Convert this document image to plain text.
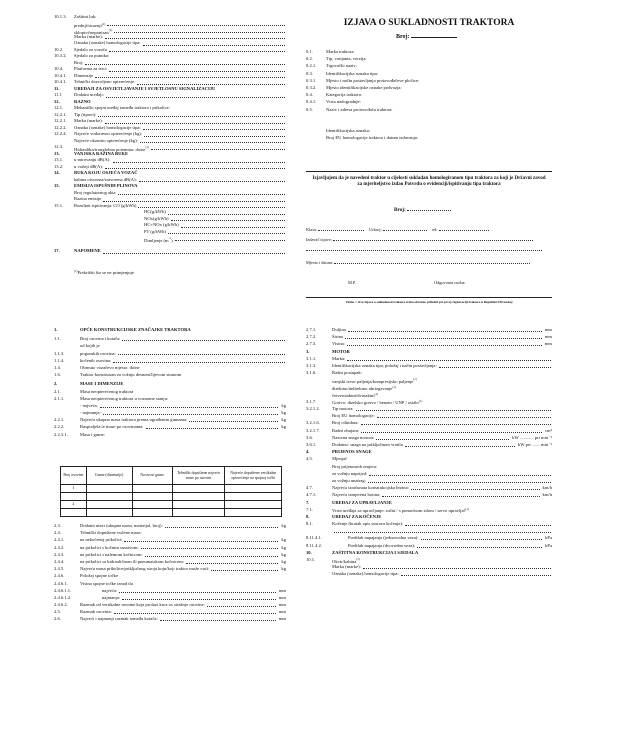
10.1.3. Zaštitni luk:
prednji/straznji$^{(1)}$
sklopivi/neponisan$^{(1)}$
Marka (marke):
Oznaka (oznake) homologacije tipa:
10.2. Sjedalo za vozača
10.3.2. Sjedalo za putnika:
Broj:
10.4. Platforma za terci
10.4.1. Dimenzije
10.4.1. Tehnički dozvoljeno opterećenje:
11.	UREĐAJI ZA OSVJETLJAVANJE I SVJETLOSNU SIGNALIZACIJU
11.1	Dodatni uređaji:
12.	RAZNO
12.1. Mehanički spojni uređaj između traktora i prikolice:
12.2.1. Tip (tipovi):
12.2.1. Marka (marke):
12.2.2. Oznaka (oznake) homologacije tipa:
12.2.4. Najveće vodoravno opterećenje (kg):
Najveće okomito opterećenje (kg):
12.3.
Hidraulika/tronglobna potemnia: $da/ne^{(1)}$
13.	VANJSKA RAZINA BUKE
13.1. u mirovanju dB(A):
13.2. u vožnji dB(A):
14.	BUKA KOJU OSJEĆA VOZAČ
kabina otvorena/zatvorena dB(A):
15.	EMISIJA ISPUŠNIH PLINOVA
Broj regulatornog akta
Razina emisije
15.1. Rezultati ispitivanja: CO (g/kWh)
HC(g/kWh)
NOx(g/kWh)
HC+NOx (g/kWh)
PT (g/kWh)
Dimljenje $(m^{-1})$
17.	NAPOMENE
$^{(1)}$Prekrižiti što se ne primjenjuje
IZJAVA O SUKLADNOSTI TRAKTORA
Broj:
0.1.	Marka traktora:
0.2.	Tip, varijanta, verzija:
0.2.1. Trgovački naziv:
0.3.	Identifikacijska oznaka tipa:
0.3.1. Mjesto i način postavljanja proizvođačeve pločice:
0.3.2. Mjesto identifikacijske oznake podvozja:
0.4.	Kategorija traktora:
0.4.1. Vrsta nadogradnje:
0.5.	Naziv i adresa proizvođača traktora:
Identifikacijska oznaka:
Broj EU homologacije traktora i datum izdavanja:
Izjavljujem da je navedeni traktor u cijelosti sukladan homologiranom tipu traktora za koji je Državni zavod za mjeriteljstvo izdao Potvrdu o evidenciji/ispitivanju tipa traktora
Broj:
Klasa:	Urbroj:	od:
Izdavač izjave:
Mjesto i datum:
M.P.	Odgovorna osoba:
Važno = Ova Izjava o sukladnosti traktora treba obvezno priložiti pri prvoj registraciji traktora u Republici Hrvatskoj
1.	OPĆE KONSTRUKCIJSKE ZNAČAJKE TRAKTORA
1.1.	Broj osovina i kotača:
od kojih je
1.1.3.	pogonskih osovina:
1.1.4.	kočenih osovina:
1.4.	Obrnuto vozačevo mjesto: da/ne
1.6.	Traktor konstruiran za vožnju desnom/lijevom stranom
2.	MASE I DIMENZIJE
2.1.	Masa neopterećenog traktora
2.1.1.	Masa neopterećenog traktora u voznome stanju:
- najveća:	kg
- najmanja:	kg
2.2.1.	Najveća ukupna masa traktora prema ugrađenim gumama:	kg
2.2.2.	Raspodjela te mase po osovinama:	kg
2.2.3.1.	Masa i gume:
Broj osovine	Gume (dimenzije)	Nosivost gume	Tehnički dopuštene najveće mase po osovini	Najveće dopuštene vertikalne opterećenje na spojnoj točki
1				

2				

2.3.	Dodatni utezi (ukupna masa, materijal, broj):	kg
2.4.	Tehnički dopuštene vučene mase:
2.4.1.	na nekočenoj prikolici:	kg
2.4.2.	na prikolici s kočnim sustavom:	kg
2.4.3.	na prikolici s naletnom kočnicom:	kg
2.4.4.	na prikolici sa hidrauličnom ili pneumatskom kočnicom:	kg
2.4.5.	Najveća masa prikolice/priključnog stroja koju/koji traktor može vući:	kg
2.4.6.	Položaj spojne točke
2.4.6.1.	Visina spojne točke iznad tla
2.4.6.1.1.	najveća:	mm
2.4.6.1.2.	najmanja:	mm
2.4.6.2.	Razmak od vertikalne ravnine koja prolazi kroz os stražnje osovine:	mm
2.5.	Razmak osovina:	mm
2.6.	Najveći i najmanji razmak između kotača:	mm
2.7.1.	Duljina	mm
2.7.2.	Širina	mm
2.7.3.	Visina:	mm
3.	MOTOR
3.1.1.	Marka:
3.1.3.	Identifikacijska oznaka tipa, položaj i način postavljanja:
3.1.6.	Radni postupak:
vanjski izvor paljenja/kompresijsko paljenje$^{(1)}$
direktno/indirektno ubrizgavanje$^{(1)}$
četverotaktni/dvotaktni$^{(1)}$
3.1.7.	Gorivo: dizelsko gorivo / benzin / UNP / ostalo$^{(1)}$
3.2.1.2.	Tip motora:
Broj EU homologacije:
3.2.1.6.	Broj cilindara:
3.2.1.7.	Radni obujam:	cm³
3.6.	Nazivna snaga motora:	kW ............ pri min⁻¹
3.6.1.	Dodatno: snaga na priključnom vratilu	kW pri ....... min⁻¹
4.	PRIJENOS SNAGE
4.5.	Mjenjač
Broj prijenosnih omjera:
za vožnju naprijed:
za vožnju unatrag:
4.7.	Najveća izračunata konstrukcijska brzina:	km/h
4.7.1.	Najveća izmjerena brzina:	km/h
7.	UREĐAJ ZA UPRAVLJANJE
7.1.	Vrsta uređaja za upravljanje: ručni / s pomoćnom silom / servo upravljač$^{(1)}$
8.	UREĐAJ ZA KOČENJE
8.1.	Kočenje (kratak opis sustava kočenja):
8.11.4.1.	Predtlak napajanja (jednovodna veza):	kPa
8.11.4.2.	Predtlak napajanja (dvovodna veza):	kPa
10.	ZAŠTITNA KONSTRUKCIJA I SJEDALA
10.1.	Okvir/kabina$^{(1)}$
Marka (marke):
Oznaka (oznake) homologacije tipa:
